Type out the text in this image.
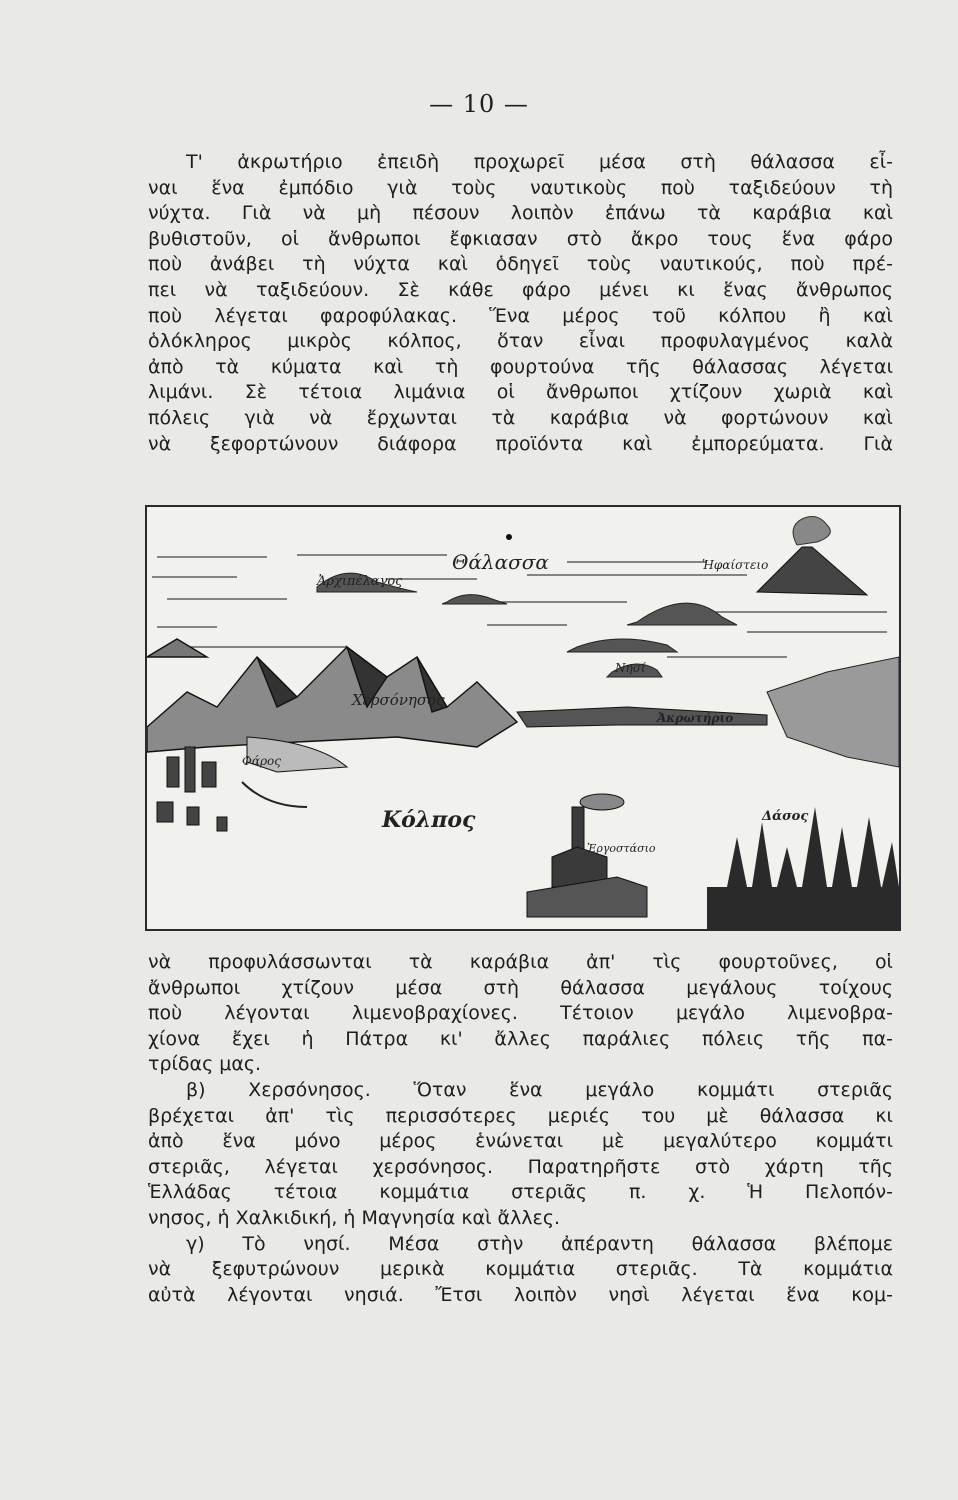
— 10 —
Τ' ἀκρωτήριο ἐπειδὴ προχωρεῖ μέσα στὴ θάλασσα εἶ-
ναι ἕνα ἐμπόδιο γιὰ τοὺς ναυτικοὺς ποὺ ταξιδεύουν τὴ
νύχτα. Γιὰ νὰ μὴ πέσουν λοιπὸν ἐπάνω τὰ καράβια καὶ
βυθιστοῦν, οἱ ἄνθρωποι ἔφκιασαν στὸ ἄκρο τους ἕνα φάρο
ποὺ ἀνάβει τὴ νύχτα καὶ ὁδηγεῖ τοὺς ναυτικούς, ποὺ πρέ-
πει νὰ ταξιδεύουν. Σὲ κάθε φάρο μένει κι ἕνας ἄνθρωπος
ποὺ λέγεται φαροφύλακας. Ἕνα μέρος τοῦ κόλπου ἢ καὶ
ὁλόκληρος μικρὸς κόλπος, ὅταν εἶναι προφυλαγμένος καλὰ
ἀπὸ τὰ κύματα καὶ τὴ φουρτούνα τῆς θάλασσας λέγεται
λιμάνι. Σὲ τέτοια λιμάνια οἱ ἄνθρωποι χτίζουν χωριὰ καὶ
πόλεις γιὰ νὰ ἔρχωνται τὰ καράβια νὰ φορτώνουν καὶ
νὰ ξεφορτώνουν διάφορα προϊόντα καὶ ἐμπορεύματα. Γιὰ
Θάλασσα
Ἀρχιπέλαγος
Ἡφαίστειο
Νησί
Ἀκρωτήριο
Χερσόνησος
Φάρος
Κόλπος
Ἐργοστάσιο
Δάσος
νὰ προφυλάσσωνται τὰ καράβια ἀπ' τὶς φουρτοῦνες, οἱ
ἄνθρωποι χτίζουν μέσα στὴ θάλασσα μεγάλους τοίχους
ποὺ λέγονται λιμενοβραχίονες. Τέτοιον μεγάλο λιμενοβρα-
χίονα ἔχει ἡ Πάτρα κι' ἄλλες παράλιες πόλεις τῆς πα-
τρίδας μας.
β) Χερσόνησος. Ὅταν ἕνα μεγάλο κομμάτι στεριᾶς
βρέχεται ἀπ' τὶς περισσότερες μεριές του μὲ θάλασσα κι
ἀπὸ ἕνα μόνο μέρος ἑνώνεται μὲ μεγαλύτερο κομμάτι
στεριᾶς, λέγεται χερσόνησος. Παρατηρῆστε στὸ χάρτη τῆς
Ἑλλάδας τέτοια κομμάτια στεριᾶς π. χ. Ἡ Πελοπόν-
νησος, ἡ Χαλκιδική, ἡ Μαγνησία καὶ ἄλλες.
γ) Τὸ νησί. Μέσα στὴν ἀπέραντη θάλασσα βλέπομε
νὰ ξεφυτρώνουν μερικὰ κομμάτια στεριᾶς. Τὰ κομμάτια
αὐτὰ λέγονται νησιά. Ἔτσι λοιπὸν νησὶ λέγεται ἕνα κομ-
